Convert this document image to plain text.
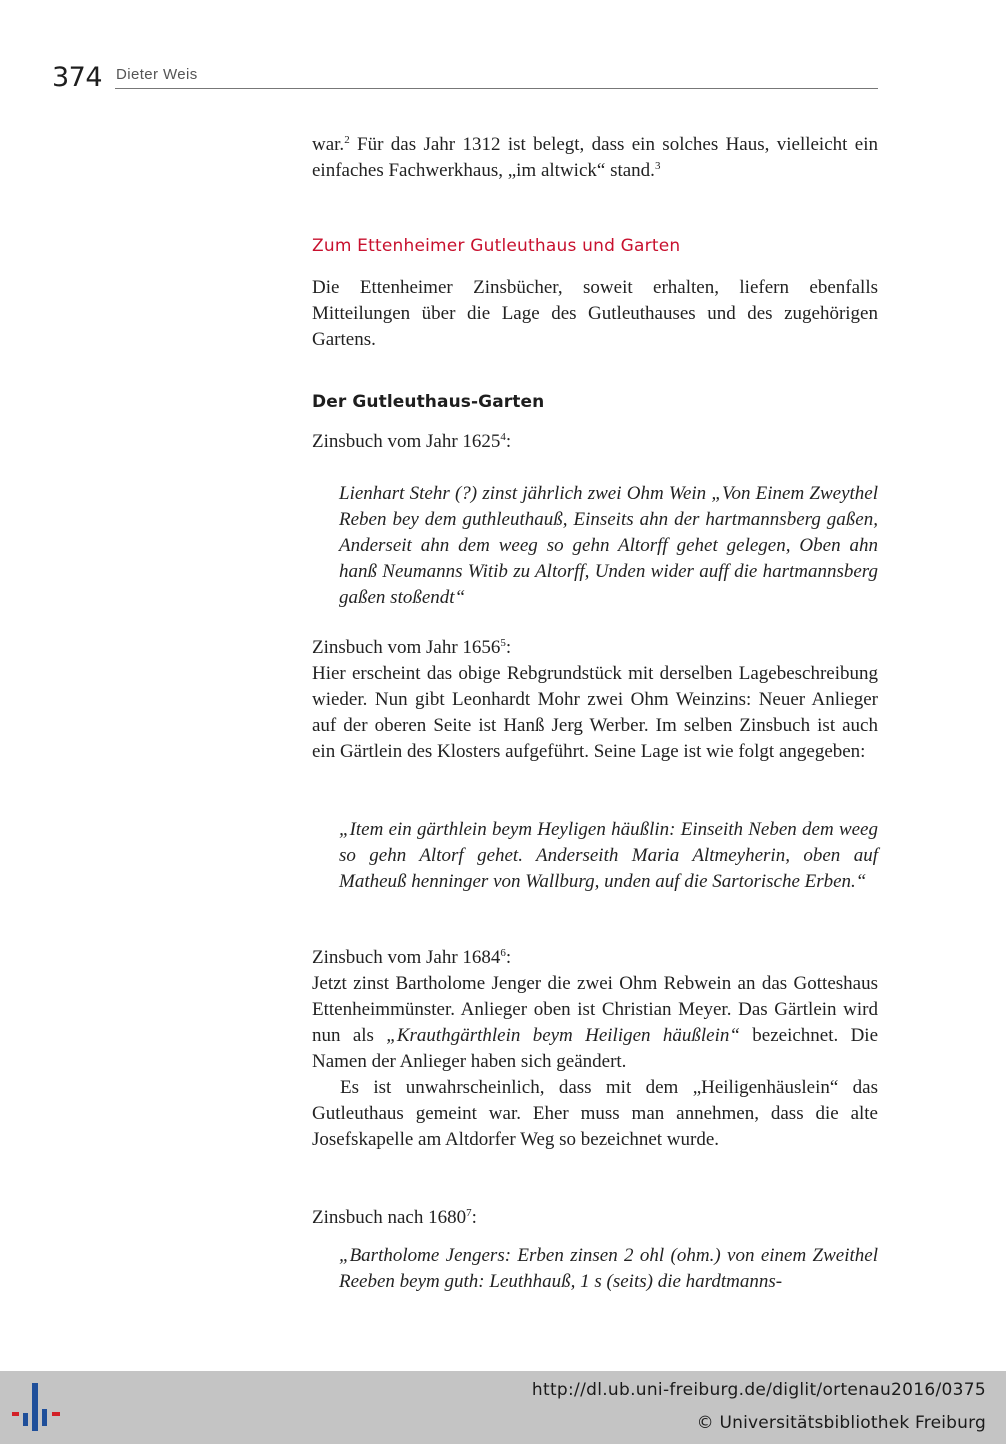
374 Dieter Weis

war.$^2$ Für das Jahr 1312 ist belegt, dass ein solches Haus, vielleicht ein einfaches Fachwerkhaus, „im altwick“ stand.$^3$

Zum Ettenheimer Gutleuthaus und Garten

Die Ettenheimer Zinsbücher, soweit erhalten, liefern ebenfalls Mitteilungen über die Lage des Gutleuthauses und des zugehörigen Gartens.

Der Gutleuthaus-Garten

Zinsbuch vom Jahr 1625$^4$:

Lienhart Stehr (?) zinst jährlich zwei Ohm Wein „Von Einem Zweythel Reben bey dem guthleuthauß, Einseits ahn der hartmannsberg gaßen, Anderseit ahn dem weeg so gehn Altorff gehet gelegen, Oben ahn hanß Neumanns Witib zu Altorff, Unden wider auff die hartmannsberg gaßen stoßendt“

Zinsbuch vom Jahr 1656$^5$:

Hier erscheint das obige Rebgrundstück mit derselben Lagebeschreibung wieder. Nun gibt Leonhardt Mohr zwei Ohm Weinzins: Neuer Anlieger auf der oberen Seite ist Hanß Jerg Werber. Im selben Zinsbuch ist auch ein Gärtlein des Klosters aufgeführt. Seine Lage ist wie folgt angegeben:

„Item ein gärthlein beym Heyligen häußlin: Einseith Neben dem weeg so gehn Altorf gehet. Anderseith Maria Altmeyherin, oben auf Matheuß henninger von Wallburg, unden auf die Sartorische Erben.“

Zinsbuch vom Jahr 1684$^6$:

Jetzt zinst Bartholome Jenger die zwei Ohm Rebwein an das Gotteshaus Ettenheimmünster. Anlieger oben ist Christian Meyer. Das Gärtlein wird nun als „Krauthgärthlein beym Heiligen häußlein“ bezeichnet. Die Namen der Anlieger haben sich geändert.

Es ist unwahrscheinlich, dass mit dem „Heiligenhäuslein“ das Gutleuthaus gemeint war. Eher muss man annehmen, dass die alte Josefskapelle am Altdorfer Weg so bezeichnet wurde.

Zinsbuch nach 1680$^7$:

„Bartholome Jengers: Erben zinsen 2 ohl (ohm.) von einem Zweithel Reeben beym guth: Leuthhauß, 1 s (seits) die hardtmanns-

http://dl.ub.uni-freiburg.de/diglit/ortenau2016/0375
© Universitätsbibliothek Freiburg
